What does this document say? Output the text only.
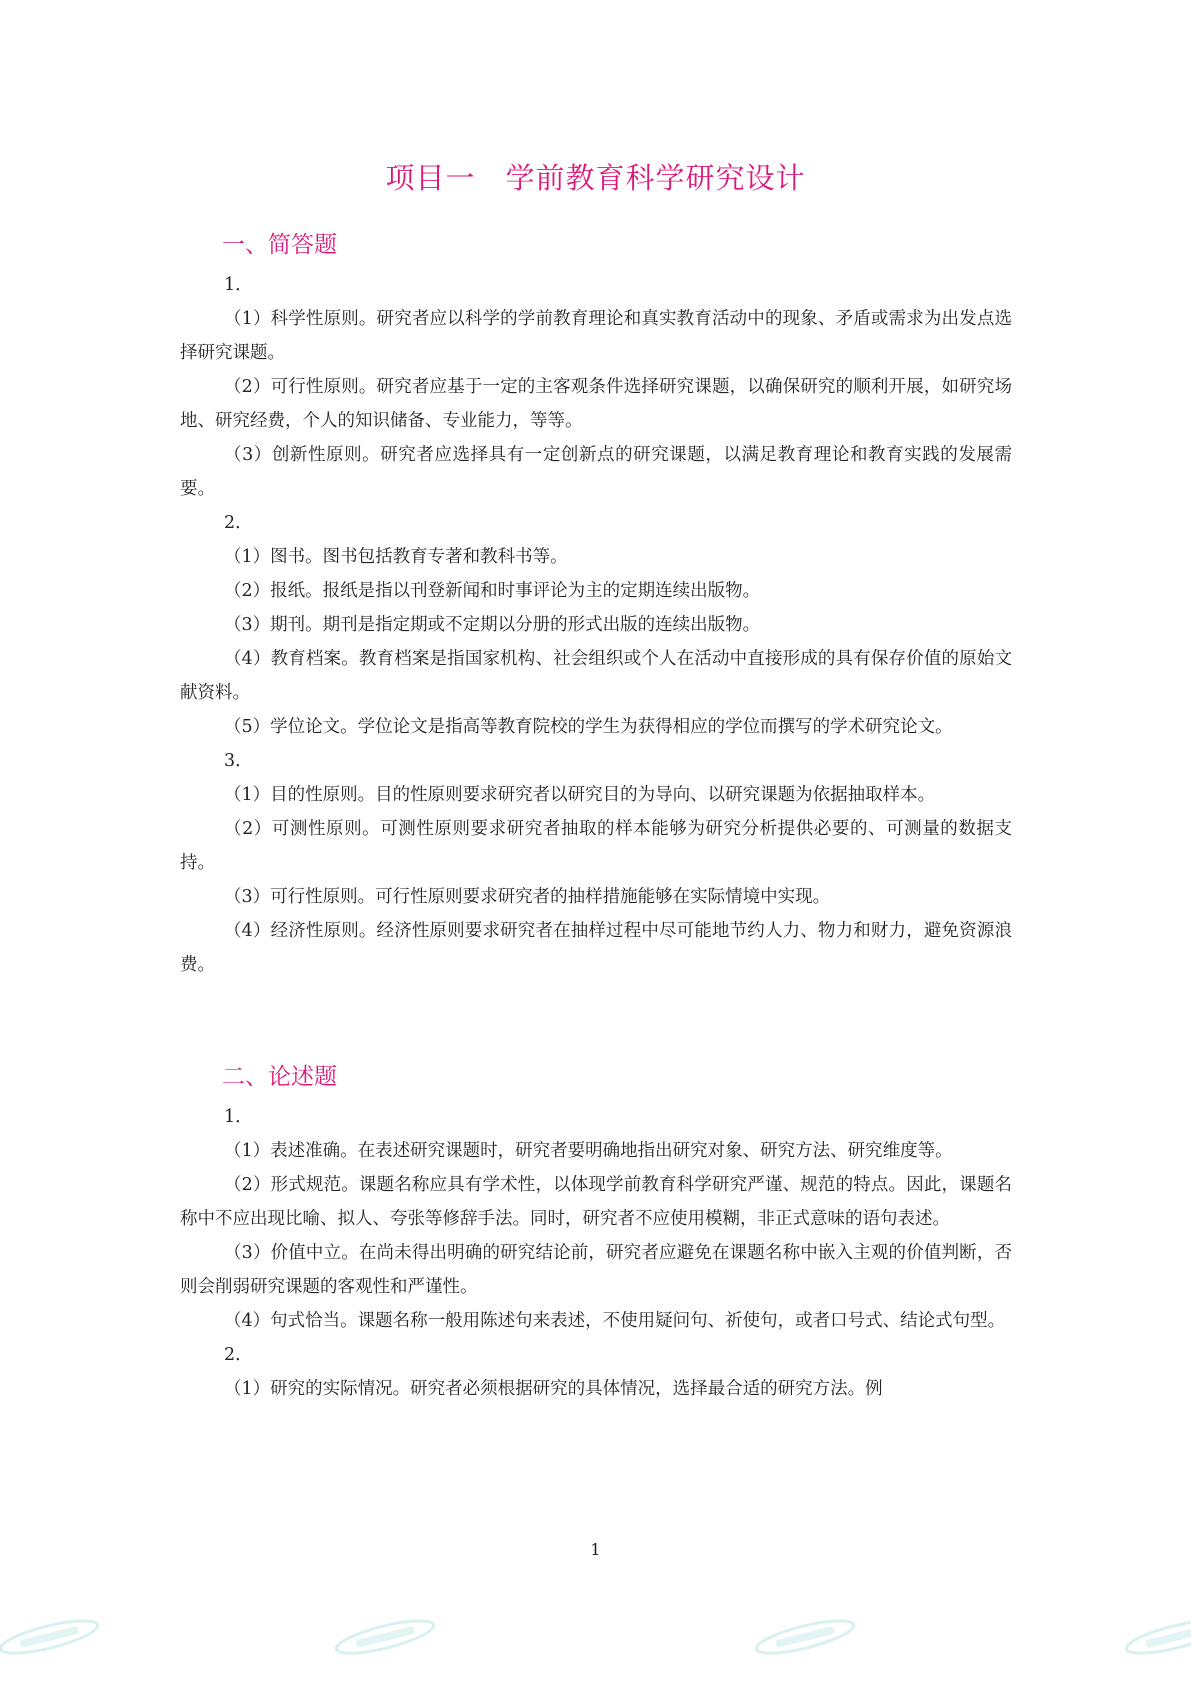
项目一　学前教育科学研究设计
一、简答题

1．

（1）科学性原则。研究者应以科学的学前教育理论和真实教育活动中的现象、矛盾或需求为出发点选择研究课题。

（2）可行性原则。研究者应基于一定的主客观条件选择研究课题，以确保研究的顺利开展，如研究场地、研究经费，个人的知识储备、专业能力，等等。

（3）创新性原则。研究者应选择具有一定创新点的研究课题，以满足教育理论和教育实践的发展需要。

2．

（1）图书。图书包括教育专著和教科书等。

（2）报纸。报纸是指以刊登新闻和时事评论为主的定期连续出版物。

（3）期刊。期刊是指定期或不定期以分册的形式出版的连续出版物。

（4）教育档案。教育档案是指国家机构、社会组织或个人在活动中直接形成的具有保存价值的原始文献资料。

（5）学位论文。学位论文是指高等教育院校的学生为获得相应的学位而撰写的学术研究论文。

3．

（1）目的性原则。目的性原则要求研究者以研究目的为导向、以研究课题为依据抽取样本。

（2）可测性原则。可测性原则要求研究者抽取的样本能够为研究分析提供必要的、可测量的数据支持。

（3）可行性原则。可行性原则要求研究者的抽样措施能够在实际情境中实现。

（4）经济性原则。经济性原则要求研究者在抽样过程中尽可能地节约人力、物力和财力，避免资源浪费。

二、论述题

1．

（1）表述准确。在表述研究课题时，研究者要明确地指出研究对象、研究方法、研究维度等。

（2）形式规范。课题名称应具有学术性，以体现学前教育科学研究严谨、规范的特点。因此，课题名称中不应出现比喻、拟人、夸张等修辞手法。同时，研究者不应使用模糊，非正式意味的语句表述。

（3）价值中立。在尚未得出明确的研究结论前，研究者应避免在课题名称中嵌入主观的价值判断，否则会削弱研究课题的客观性和严谨性。

（4）句式恰当。课题名称一般用陈述句来表述，不使用疑问句、祈使句，或者口号式、结论式句型。

2．

（1）研究的实际情况。研究者必须根据研究的具体情况，选择最合适的研究方法。例

1
